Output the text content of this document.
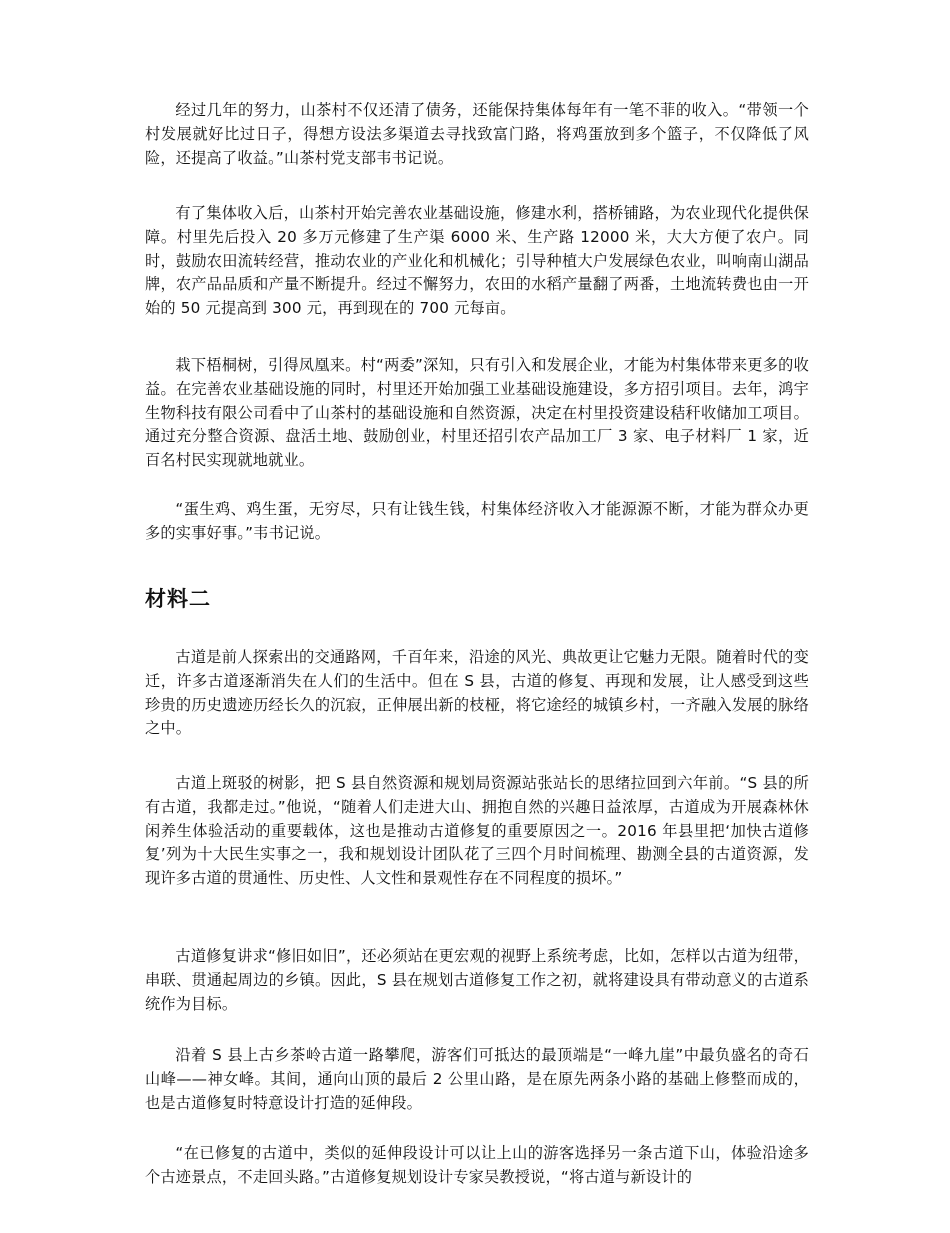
经过几年的努力，山茶村不仅还清了债务，还能保持集体每年有一笔不菲的收入。“带领一个村发展就好比过日子，得想方设法多渠道去寻找致富门路，将鸡蛋放到多个篮子，不仅降低了风险，还提高了收益。”山茶村党支部韦书记说。

有了集体收入后，山茶村开始完善农业基础设施，修建水利，搭桥铺路，为农业现代化提供保障。村里先后投入 20 多万元修建了生产渠 6000 米、生产路 12000 米，大大方便了农户。同时，鼓励农田流转经营，推动农业的产业化和机械化；引导种植大户发展绿色农业，叫响南山湖品牌，农产品品质和产量不断提升。经过不懈努力，农田的水稻产量翻了两番，土地流转费也由一开始的 50 元提高到 300 元，再到现在的 700 元每亩。

栽下梧桐树，引得凤凰来。村“两委”深知，只有引入和发展企业，才能为村集体带来更多的收益。在完善农业基础设施的同时，村里还开始加强工业基础设施建设，多方招引项目。去年，鸿宇生物科技有限公司看中了山茶村的基础设施和自然资源，决定在村里投资建设秸秆收储加工项目。通过充分整合资源、盘活土地、鼓励创业，村里还招引农产品加工厂 3 家、电子材料厂 1 家，近百名村民实现就地就业。

“蛋生鸡、鸡生蛋，无穷尽，只有让钱生钱，村集体经济收入才能源源不断，才能为群众办更多的实事好事。”韦书记说。

材料二

古道是前人探索出的交通路网，千百年来，沿途的风光、典故更让它魅力无限。随着时代的变迁，许多古道逐渐消失在人们的生活中。但在 S 县，古道的修复、再现和发展，让人感受到这些珍贵的历史遗迹历经长久的沉寂，正伸展出新的枝桠，将它途经的城镇乡村，一齐融入发展的脉络之中。

古道上斑驳的树影，把 S 县自然资源和规划局资源站张站长的思绪拉回到六年前。“S 县的所有古道，我都走过。”他说，“随着人们走进大山、拥抱自然的兴趣日益浓厚，古道成为开展森林休闲养生体验活动的重要载体，这也是推动古道修复的重要原因之一。2016 年县里把‘加快古道修复’列为十大民生实事之一，我和规划设计团队花了三四个月时间梳理、勘测全县的古道资源，发现许多古道的贯通性、历史性、人文性和景观性存在不同程度的损坏。”

古道修复讲求“修旧如旧”，还必须站在更宏观的视野上系统考虑，比如，怎样以古道为纽带，串联、贯通起周边的乡镇。因此，S 县在规划古道修复工作之初，就将建设具有带动意义的古道系统作为目标。

沿着 S 县上古乡茶岭古道一路攀爬，游客们可抵达的最顶端是“一峰九崖”中最负盛名的奇石山峰——神女峰。其间，通向山顶的最后 2 公里山路，是在原先两条小路的基础上修整而成的，也是古道修复时特意设计打造的延伸段。

“在已修复的古道中，类似的延伸段设计可以让上山的游客选择另一条古道下山，体验沿途多个古迹景点，不走回头路。”古道修复规划设计专家吴教授说，“将古道与新设计的
